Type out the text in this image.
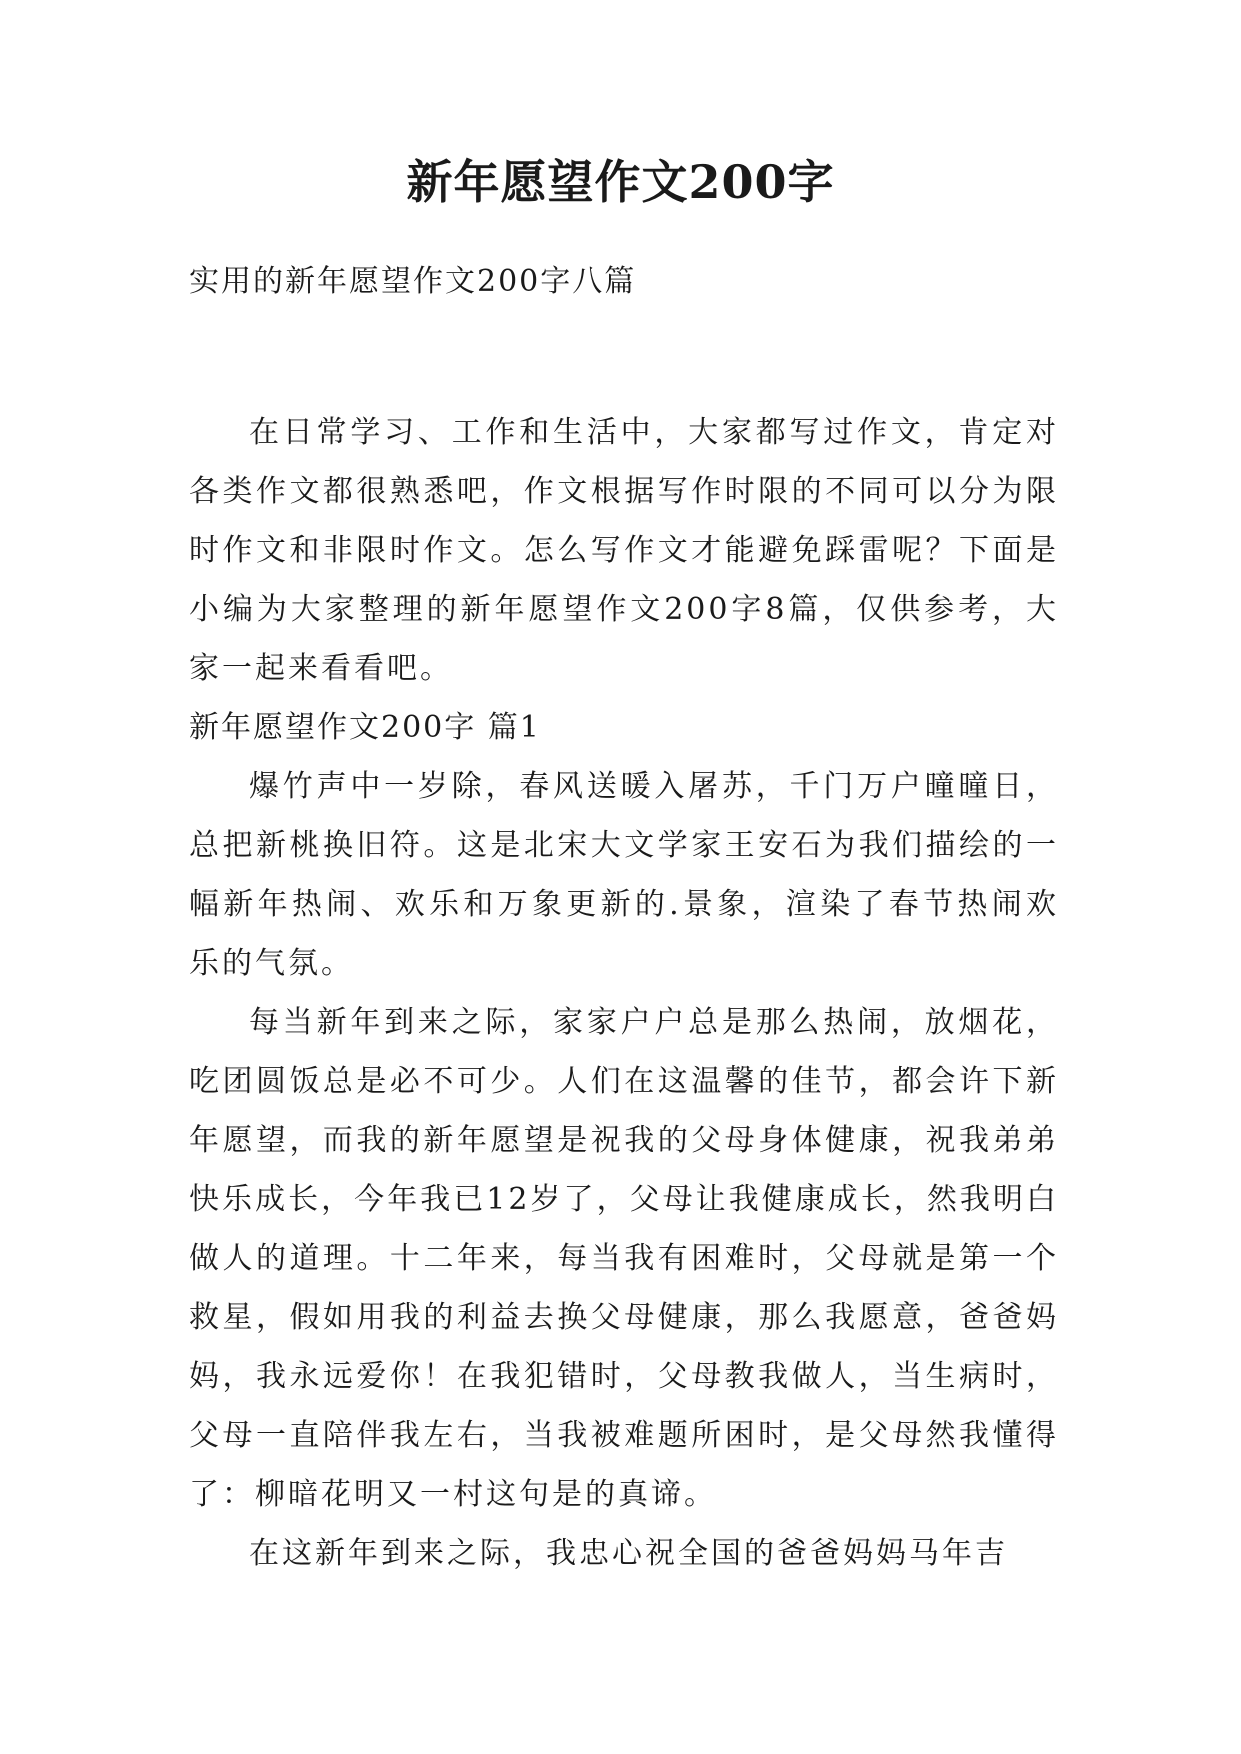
新年愿望作文200字
实用的新年愿望作文200字八篇

在日常学习、工作和生活中，大家都写过作文，肯定对各类作文都很熟悉吧，作文根据写作时限的不同可以分为限时作文和非限时作文。怎么写作文才能避免踩雷呢？下面是小编为大家整理的新年愿望作文200字8篇，仅供参考，大家一起来看看吧。

新年愿望作文200字 篇1

爆竹声中一岁除，春风送暖入屠苏，千门万户曈曈日，总把新桃换旧符。这是北宋大文学家王安石为我们描绘的一幅新年热闹、欢乐和万象更新的.景象，渲染了春节热闹欢乐的气氛。

每当新年到来之际，家家户户总是那么热闹，放烟花，吃团圆饭总是必不可少。人们在这温馨的佳节，都会许下新年愿望，而我的新年愿望是祝我的父母身体健康，祝我弟弟快乐成长，今年我已12岁了，父母让我健康成长，然我明白做人的道理。十二年来，每当我有困难时，父母就是第一个救星，假如用我的利益去换父母健康，那么我愿意，爸爸妈妈，我永远爱你！在我犯错时，父母教我做人，当生病时，父母一直陪伴我左右，当我被难题所困时，是父母然我懂得了：柳暗花明又一村这句是的真谛。

在这新年到来之际，我忠心祝全国的爸爸妈妈马年吉
